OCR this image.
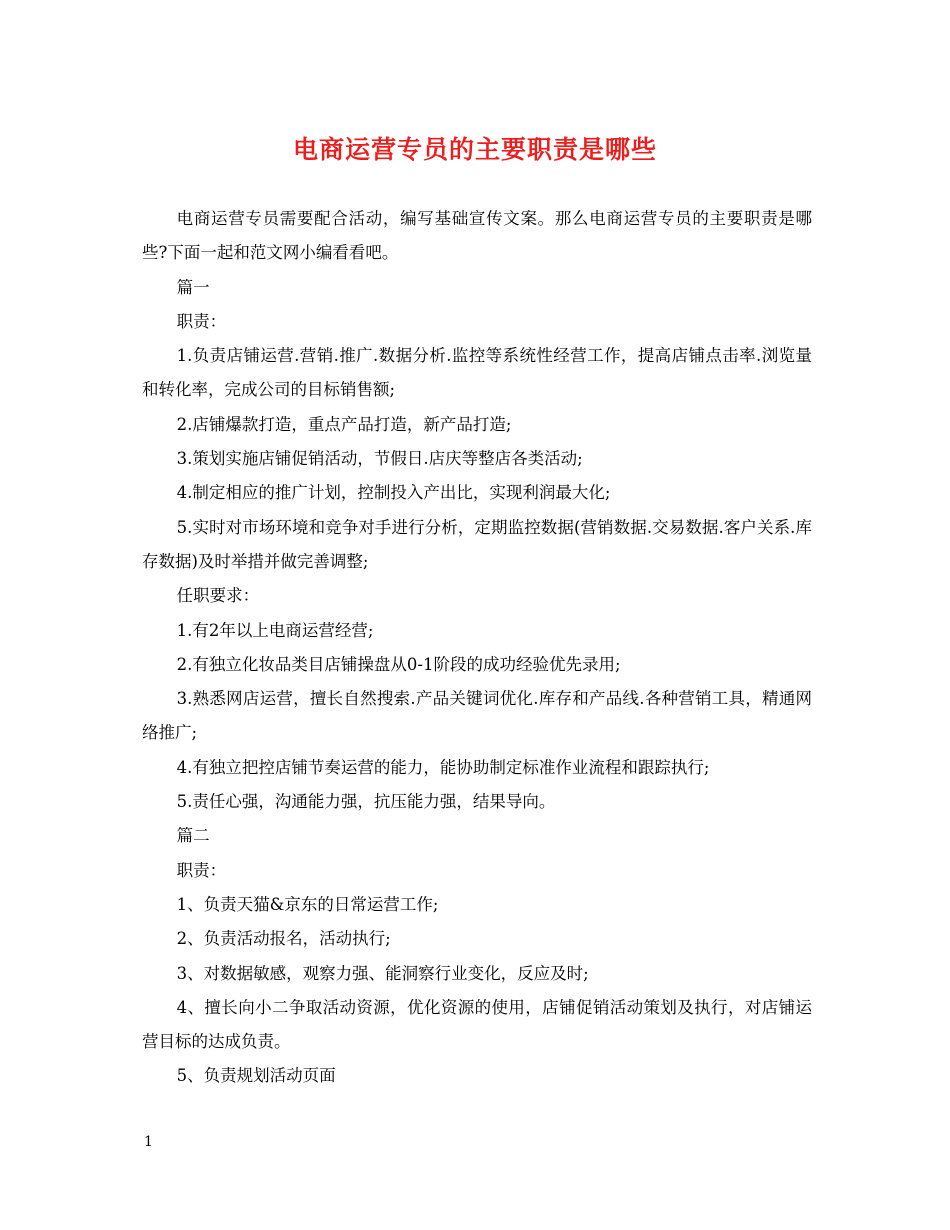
电商运营专员的主要职责是哪些

电商运营专员需要配合活动，编写基础宣传文案。那么电商运营专员的主要职责是哪些?下面一起和范文网小编看看吧。

篇一

职责：

1.负责店铺运营.营销.推广.数据分析.监控等系统性经营工作，提高店铺点击率.浏览量和转化率，完成公司的目标销售额;

2.店铺爆款打造，重点产品打造，新产品打造;

3.策划实施店铺促销活动，节假日.店庆等整店各类活动;

4.制定相应的推广计划，控制投入产出比，实现利润最大化;

5.实时对市场环境和竞争对手进行分析，定期监控数据(营销数据.交易数据.客户关系.库存数据)及时举措并做完善调整;

任职要求：

1.有2年以上电商运营经营;

2.有独立化妆品类目店铺操盘从0-1阶段的成功经验优先录用;

3.熟悉网店运营，擅长自然搜索.产品关键词优化.库存和产品线.各种营销工具，精通网络推广;

4.有独立把控店铺节奏运营的能力，能协助制定标准作业流程和跟踪执行;

5.责任心强，沟通能力强，抗压能力强，结果导向。

篇二

职责：

1、负责天猫&京东的日常运营工作;

2、负责活动报名，活动执行;

3、对数据敏感，观察力强、能洞察行业变化，反应及时;

4、擅长向小二争取活动资源，优化资源的使用，店铺促销活动策划及执行，对店铺运营目标的达成负责。

5、负责规划活动页面

1
